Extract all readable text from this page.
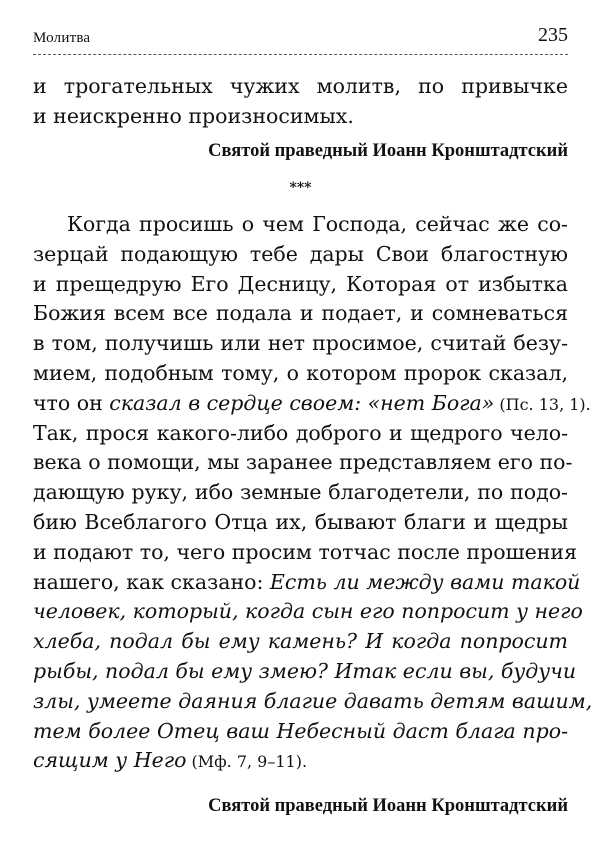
Молитва	235
и трогательных чужих молитв, по привычке
и неискренно произносимых.
Святой праведный Иоанн Кронштадтский
***
Когда просишь о чем Господа, сейчас же со-
зерцай подающую тебе дары Свои благостную
и прещедрую Его Десницу, Которая от избытка
Божия всем все подала и подает, и сомневаться
в том, получишь или нет просимое, считай безу-
мием, подобным тому, о котором пророк сказал,
что он сказал в сердце своем: «нет Бога» (Пс. 13, 1).
Так, прося какого-либо доброго и щедрого чело-
века о помощи, мы заранее представляем его по-
дающую руку, ибо земные благодетели, по подо-
бию Всеблагого Отца их, бывают благи и щедры
и подают то, чего просим тотчас после прошения
нашего, как сказано: Есть ли между вами такой
человек, который, когда сын его попросит у него
хлеба, подал бы ему камень? И когда попросит
рыбы, подал бы ему змею? Итак если вы, будучи
злы, умеете даяния благие давать детям вашим,
тем более Отец ваш Небесный даст блага про-
сящим у Него (Мф. 7, 9–11).
Святой праведный Иоанн Кронштадтский
